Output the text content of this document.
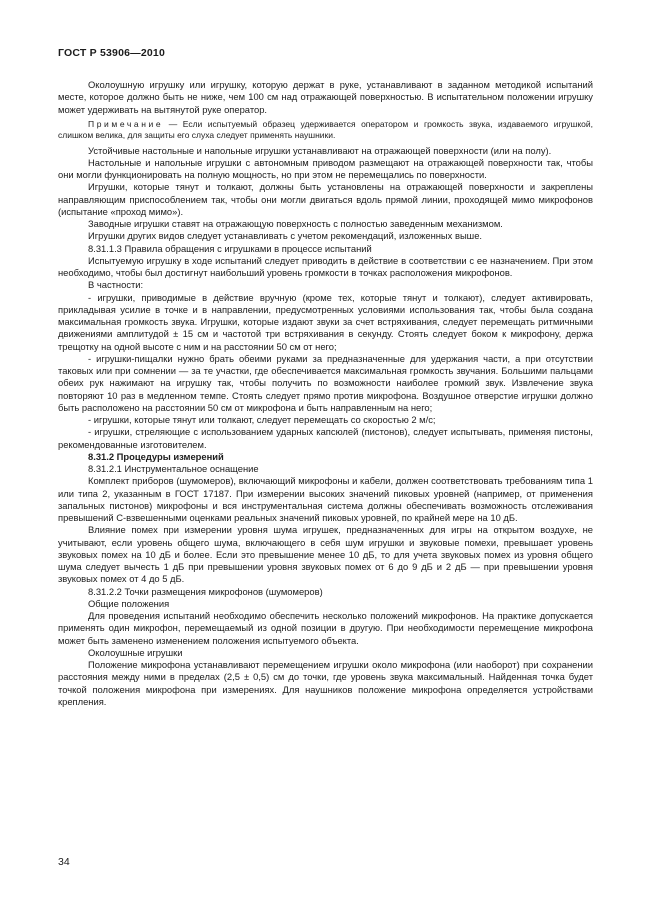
ГОСТ Р 53906—2010

Околоушную игрушку или игрушку, которую держат в руке, устанавливают в заданном методикой испытаний месте, которое должно быть не ниже, чем 100 см над отражающей поверхностью. В испытательном положении игрушку может удерживать на вытянутой руке оператор.

Примечание — Если испытуемый образец удерживается оператором и громкость звука, издаваемого игрушкой, слишком велика, для защиты его слуха следует применять наушники.

Устойчивые настольные и напольные игрушки устанавливают на отражающей поверхности (или на полу).

Настольные и напольные игрушки с автономным приводом размещают на отражающей поверхности так, чтобы они могли функционировать на полную мощность, но при этом не перемещались по поверхности.

Игрушки, которые тянут и толкают, должны быть установлены на отражающей поверхности и закреплены направляющим приспособлением так, чтобы они могли двигаться вдоль прямой линии, проходящей мимо микрофонов (испытание «проход мимо»).

Заводные игрушки ставят на отражающую поверхность с полностью заведенным механизмом.

Игрушки других видов следует устанавливать с учетом рекомендаций, изложенных выше.

8.31.1.3 Правила обращения с игрушками в процессе испытаний

Испытуемую игрушку в ходе испытаний следует приводить в действие в соответствии с ее назначением. При этом необходимо, чтобы был достигнут наибольший уровень громкости в точках расположения микрофонов.

В частности:

- игрушки, приводимые в действие вручную (кроме тех, которые тянут и толкают), следует активировать, прикладывая усилие в точке и в направлении, предусмотренных условиями использования так, чтобы была создана максимальная громкость звука. Игрушки, которые издают звуки за счет встряхивания, следует перемещать ритмичными движениями амплитудой ± 15 см и частотой три встряхивания в секунду. Стоять следует боком к микрофону, держа трещотку на одной высоте с ним и на расстоянии 50 см от него;

- игрушки-пищалки нужно брать обеими руками за предназначенные для удержания части, а при отсутствии таковых или при сомнении — за те участки, где обеспечивается максимальная громкость звучания. Большими пальцами обеих рук нажимают на игрушку так, чтобы получить по возможности наиболее громкий звук. Извлечение звука повторяют 10 раз в медленном темпе. Стоять следует прямо против микрофона. Воздушное отверстие игрушки должно быть расположено на расстоянии 50 см от микрофона и быть направленным на него;

- игрушки, которые тянут или толкают, следует перемещать со скоростью 2 м/с;

- игрушки, стреляющие с использованием ударных капсюлей (пистонов), следует испытывать, применяя пистоны, рекомендованные изготовителем.

8.31.2 Процедуры измерений

8.31.2.1 Инструментальное оснащение

Комплект приборов (шумомеров), включающий микрофоны и кабели, должен соответствовать требованиям типа 1 или типа 2, указанным в ГОСТ 17187. При измерении высоких значений пиковых уровней (например, от применения запальных пистонов) микрофоны и вся инструментальная система должны обеспечивать возможность отслеживания превышений C-взвешенными оценками реальных значений пиковых уровней, по крайней мере на 10 дБ.

Влияние помех при измерении уровня шума игрушек, предназначенных для игры на открытом воздухе, не учитывают, если уровень общего шума, включающего в себя шум игрушки и звуковые помехи, превышает уровень звуковых помех на 10 дБ и более. Если это превышение менее 10 дБ, то для учета звуковых помех из уровня общего шума следует вычесть 1 дБ при превышении уровня звуковых помех от 6 до 9 дБ и 2 дБ — при превышении уровня звуковых помех от 4 до 5 дБ.

8.31.2.2 Точки размещения микрофонов (шумомеров)

Общие положения

Для проведения испытаний необходимо обеспечить несколько положений микрофонов. На практике допускается применять один микрофон, перемещаемый из одной позиции в другую. При необходимости перемещение микрофона может быть заменено изменением положения испытуемого объекта.

Околоушные игрушки

Положение микрофона устанавливают перемещением игрушки около микрофона (или наоборот) при сохранении расстояния между ними в пределах (2,5 ± 0,5) см до точки, где уровень звука максимальный. Найденная точка будет точкой положения микрофона при измерениях. Для наушников положение микрофона определяется устройствами крепления.

34
